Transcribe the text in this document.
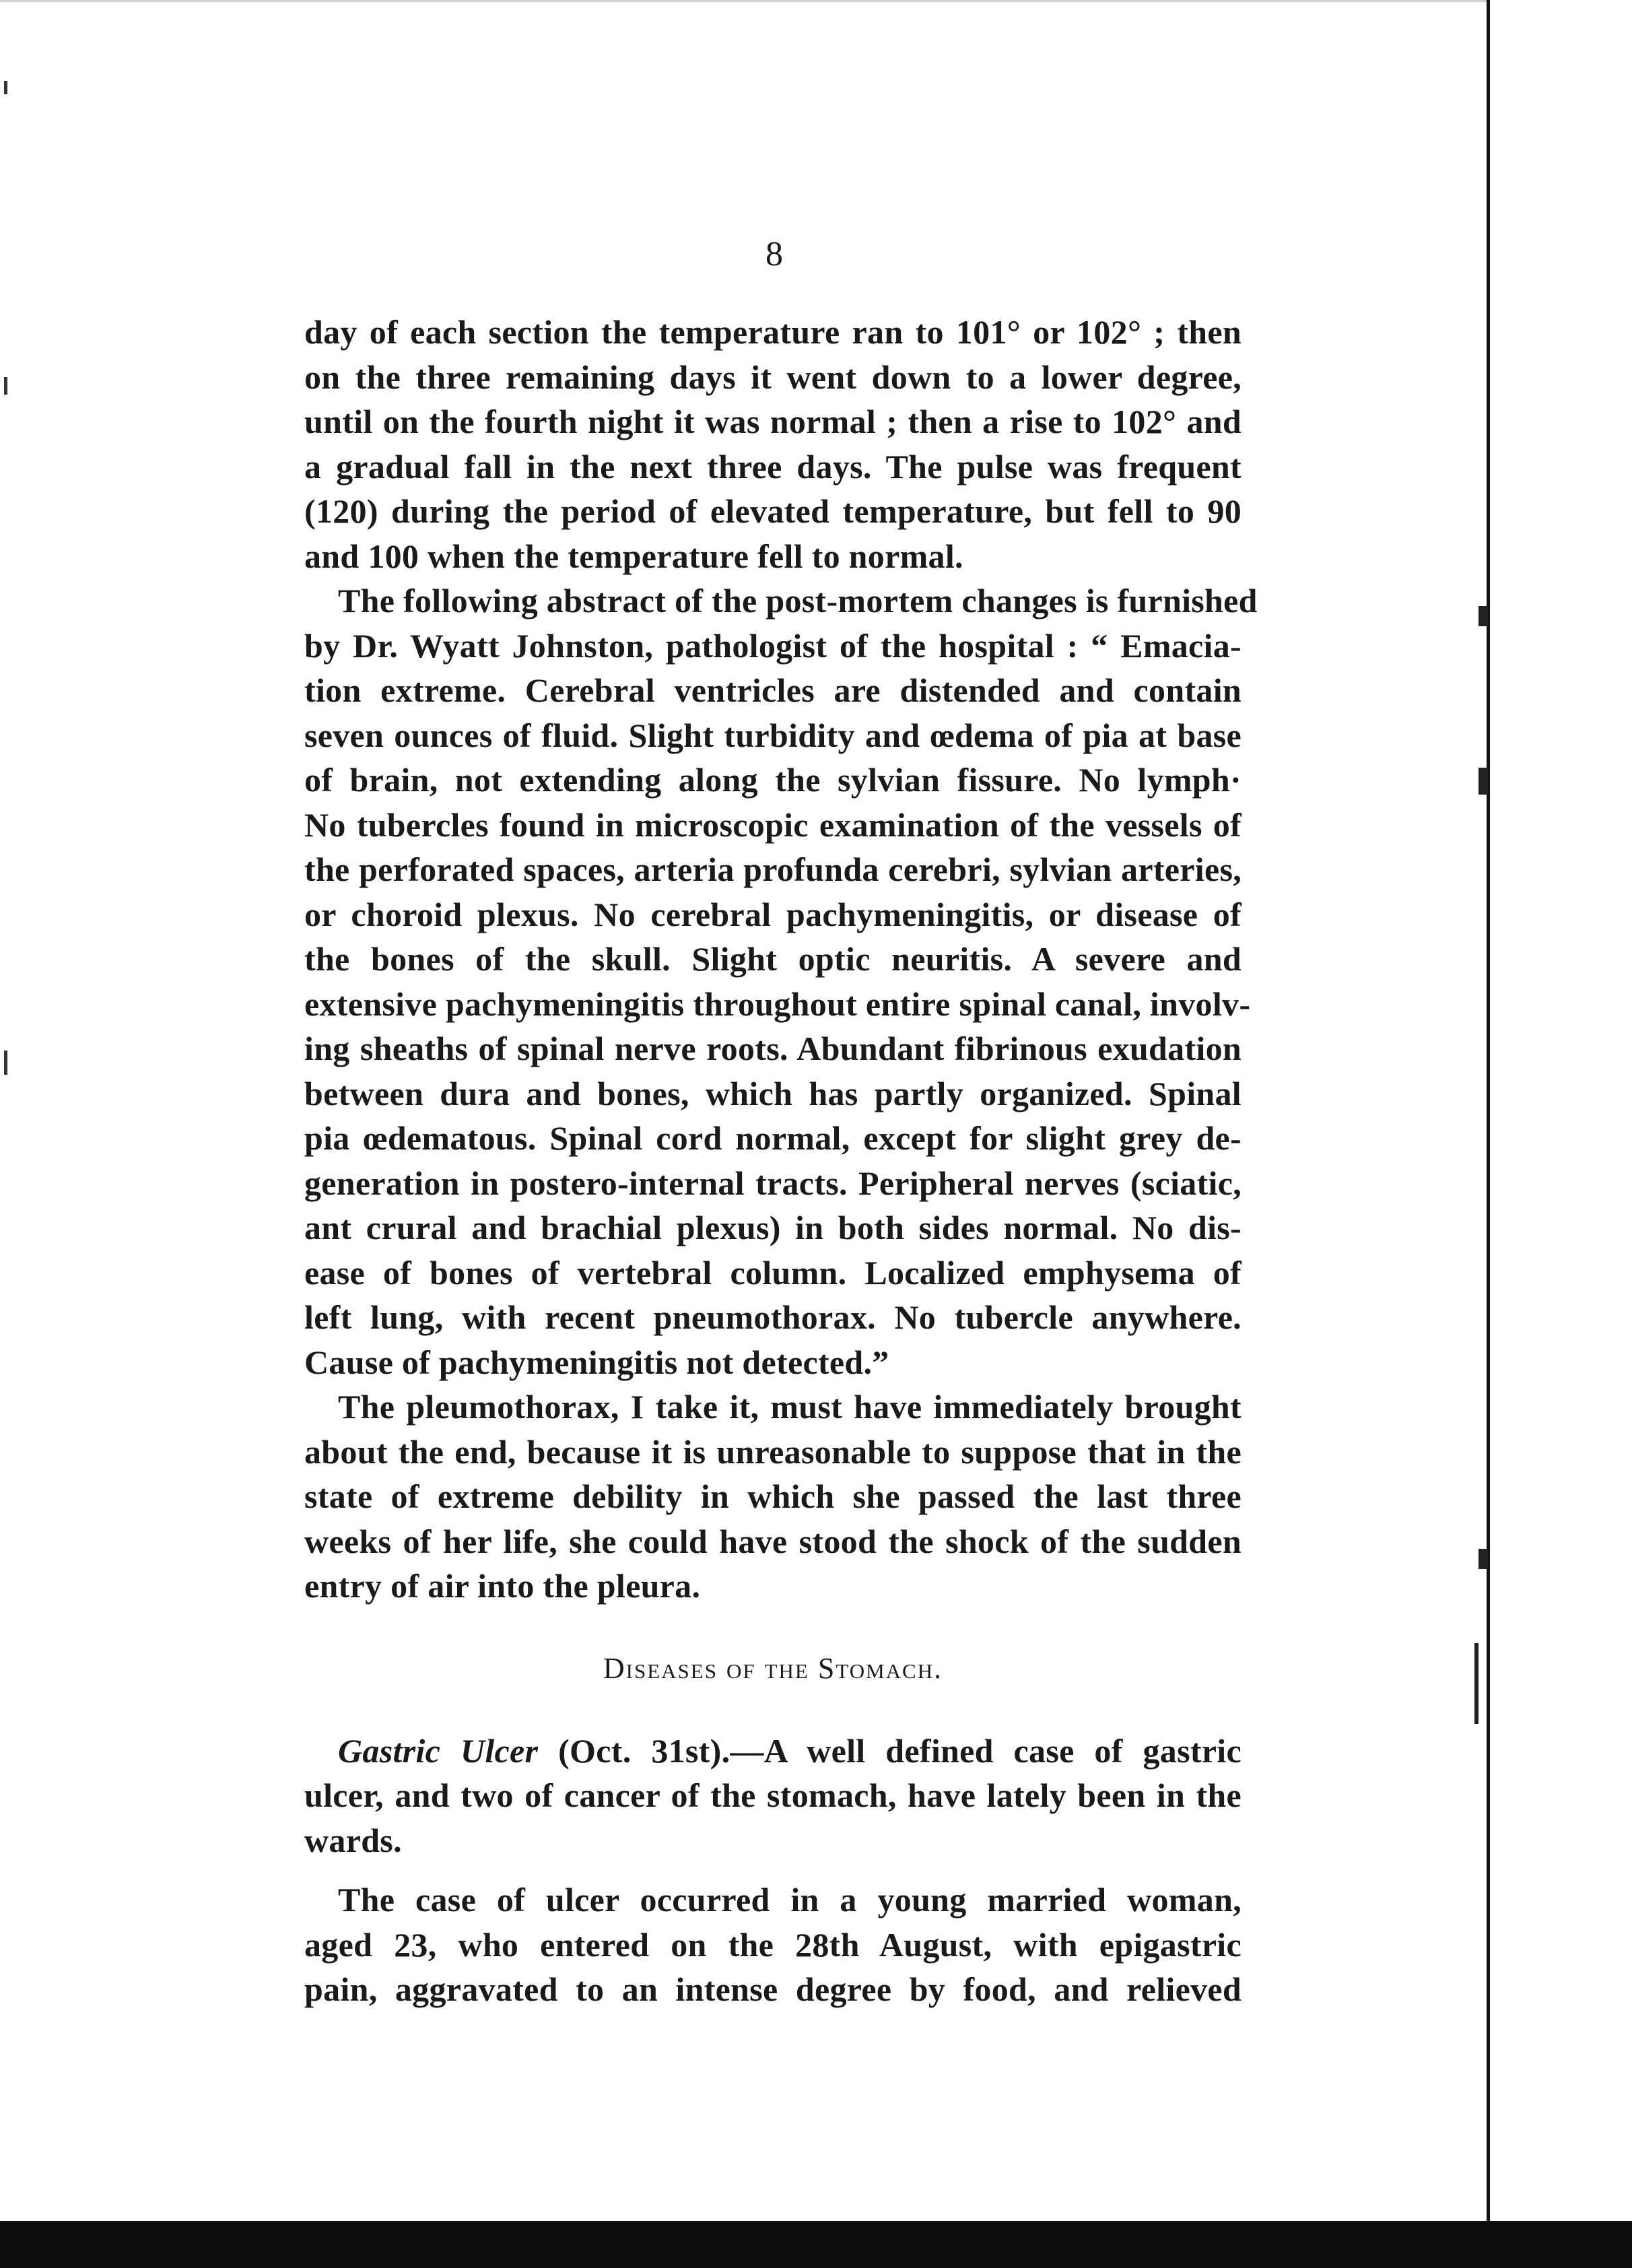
8

day of each section the temperature ran to 101° or 102° ; then
on the three remaining days it went down to a lower degree,
until on the fourth night it was normal ; then a rise to 102° and
a gradual fall in the next three days. The pulse was frequent
(120) during the period of elevated temperature, but fell to 90
and 100 when the temperature fell to normal.

The following abstract of the post-mortem changes is furnished
by Dr. Wyatt Johnston, pathologist of the hospital : “ Emacia-
tion extreme. Cerebral ventricles are distended and contain
seven ounces of fluid. Slight turbidity and œdema of pia at base
of brain, not extending along the sylvian fissure. No lymph·
No tubercles found in microscopic examination of the vessels of
the perforated spaces, arteria profunda cerebri, sylvian arteries,
or choroid plexus. No cerebral pachymeningitis, or disease of
the bones of the skull. Slight optic neuritis. A severe and
extensive pachymeningitis throughout entire spinal canal, involv-
ing sheaths of spinal nerve roots. Abundant fibrinous exudation
between dura and bones, which has partly organized. Spinal
pia œdematous. Spinal cord normal, except for slight grey de-
generation in postero-internal tracts. Peripheral nerves (sciatic,
ant crural and brachial plexus) in both sides normal. No dis-
ease of bones of vertebral column. Localized emphysema of
left lung, with recent pneumothorax. No tubercle anywhere.
Cause of pachymeningitis not detected.”

The pleumothorax, I take it, must have immediately brought
about the end, because it is unreasonable to suppose that in the
state of extreme debility in which she passed the last three
weeks of her life, she could have stood the shock of the sudden
entry of air into the pleura.

Diseases of the Stomach.

Gastric Ulcer (Oct. 31st).—A well defined case of gastric
ulcer, and two of cancer of the stomach, have lately been in the
wards.

The case of ulcer occurred in a young married woman,
aged 23, who entered on the 28th August, with epigastric
pain, aggravated to an intense degree by food, and relieved
